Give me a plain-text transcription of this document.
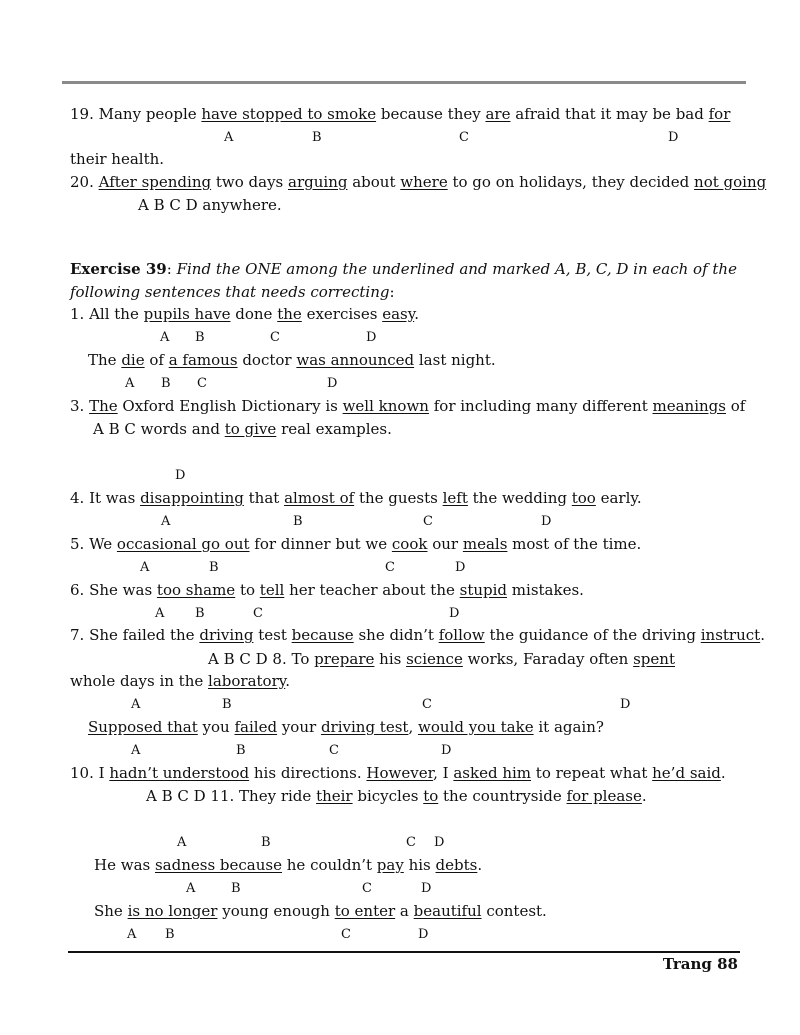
19. Many people have stopped to smoke because they are afraid that it may be bad for
A	B	C	D
their health.
20. After spending two days arguing about where to go on holidays, they decided not going
A B C D anywhere.
Exercise 39: Find the ONE among the underlined and marked A, B, C, D in each of the
following sentences that needs correcting:
1. All the pupils have done the exercises easy.
A B	C	D
The die of a famous doctor was announced last night.
A B C	D
3. The Oxford English Dictionary is well known for including many different meanings of
A B C words and to give real examples.
D
4. It was disappointing that almost of the guests left the wedding too early.
A	B	C	D
5. We occasional go out for dinner but we cook our meals most of the time.
A	B	C	D
6. She was too shame to tell her teacher about the stupid mistakes.
A B	C	D
7. She failed the driving test because she didn’t follow the guidance of the driving instruct.
A B C D 8. To prepare his science works, Faraday often spent
whole days in the laboratory.
A	B	C	D
Supposed that you failed your driving test, would you take it again?
A	B	C	D
10. I hadn’t understood his directions. However, I asked him to repeat what he’d said.
A B C D 11. They ride their bicycles to the countryside for please.
A	B	C D
He was sadness because he couldn’t pay his debts.
A	B	C	D
She is no longer young enough to enter a beautiful contest.
A B	C	D
Trang 88
